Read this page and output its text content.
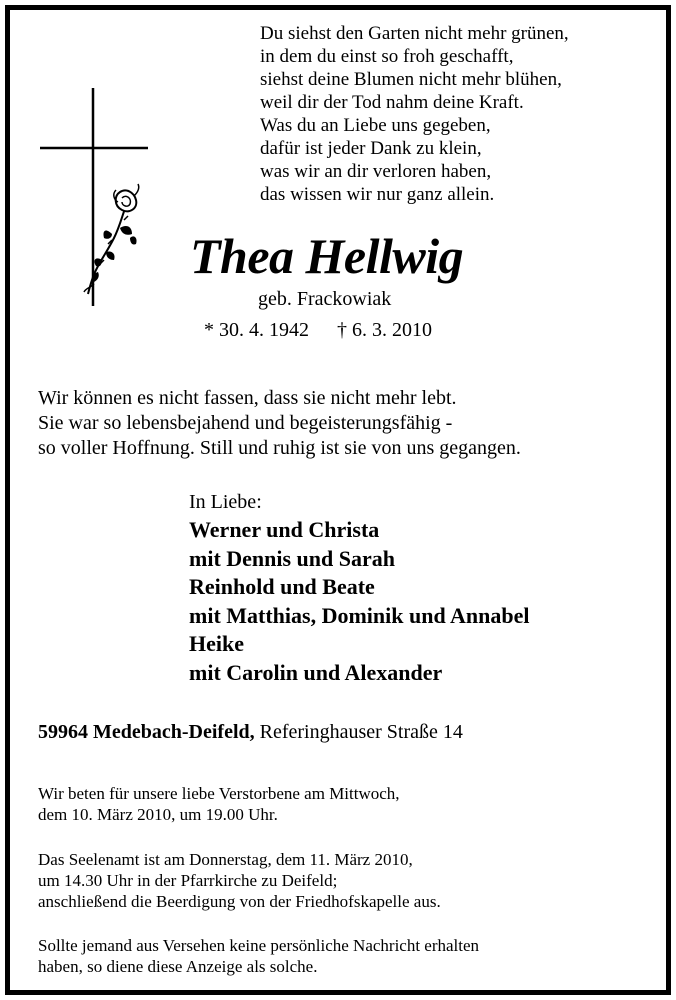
Du siehst den Garten nicht mehr grünen,
in dem du einst so froh geschafft,
siehst deine Blumen nicht mehr blühen,
weil dir der Tod nahm deine Kraft.
Was du an Liebe uns gegeben,
dafür ist jeder Dank zu klein,
was wir an dir verloren haben,
das wissen wir nur ganz allein.
Thea Hellwig
geb. Frackowiak
* 30. 4. 1942 † 6. 3. 2010
Wir können es nicht fassen, dass sie nicht mehr lebt.
Sie war so lebensbejahend und begeisterungsfähig -
so voller Hoffnung. Still und ruhig ist sie von uns gegangen.
In Liebe:
Werner und Christa
mit Dennis und Sarah
Reinhold und Beate
mit Matthias, Dominik und Annabel
Heike
mit Carolin und Alexander
59964 Medebach-Deifeld, Referinghauser Straße 14
Wir beten für unsere liebe Verstorbene am Mittwoch,
dem 10. März 2010, um 19.00 Uhr.
Das Seelenamt ist am Donnerstag, dem 11. März 2010,
um 14.30 Uhr in der Pfarrkirche zu Deifeld;
anschließend die Beerdigung von der Friedhofskapelle aus.
Sollte jemand aus Versehen keine persönliche Nachricht erhalten
haben, so diene diese Anzeige als solche.
